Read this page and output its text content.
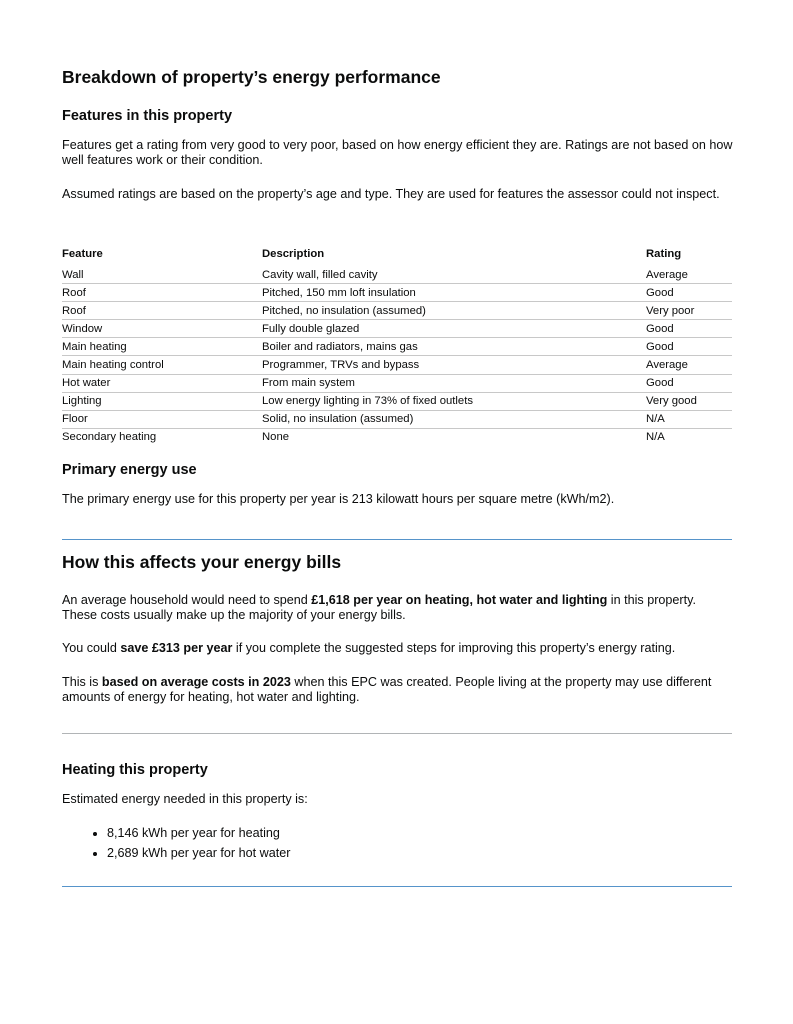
Breakdown of property’s energy performance
Features in this property

Features get a rating from very good to very poor, based on how energy efficient they are. Ratings are not based on how well features work or their condition.

Assumed ratings are based on the property’s age and type. They are used for features the assessor could not inspect.

Feature	Description	Rating
Wall	Cavity wall, filled cavity	Average
Roof	Pitched, 150 mm loft insulation	Good
Roof	Pitched, no insulation (assumed)	Very poor
Window	Fully double glazed	Good
Main heating	Boiler and radiators, mains gas	Good
Main heating control	Programmer, TRVs and bypass	Average
Hot water	From main system	Good
Lighting	Low energy lighting in 73% of fixed outlets	Very good
Floor	Solid, no insulation (assumed)	N/A
Secondary heating	None	N/A
Primary energy use

The primary energy use for this property per year is 213 kilowatt hours per square metre (kWh/m2).

How this affects your energy bills

An average household would need to spend £1,618 per year on heating, hot water and lighting in this property. These costs usually make up the majority of your energy bills.

You could save £313 per year if you complete the suggested steps for improving this property’s energy rating.

This is based on average costs in 2023 when this EPC was created. People living at the property may use different amounts of energy for heating, hot water and lighting.

Heating this property

Estimated energy needed in this property is:

• 8,146 kWh per year for heating
• 2,689 kWh per year for hot water
